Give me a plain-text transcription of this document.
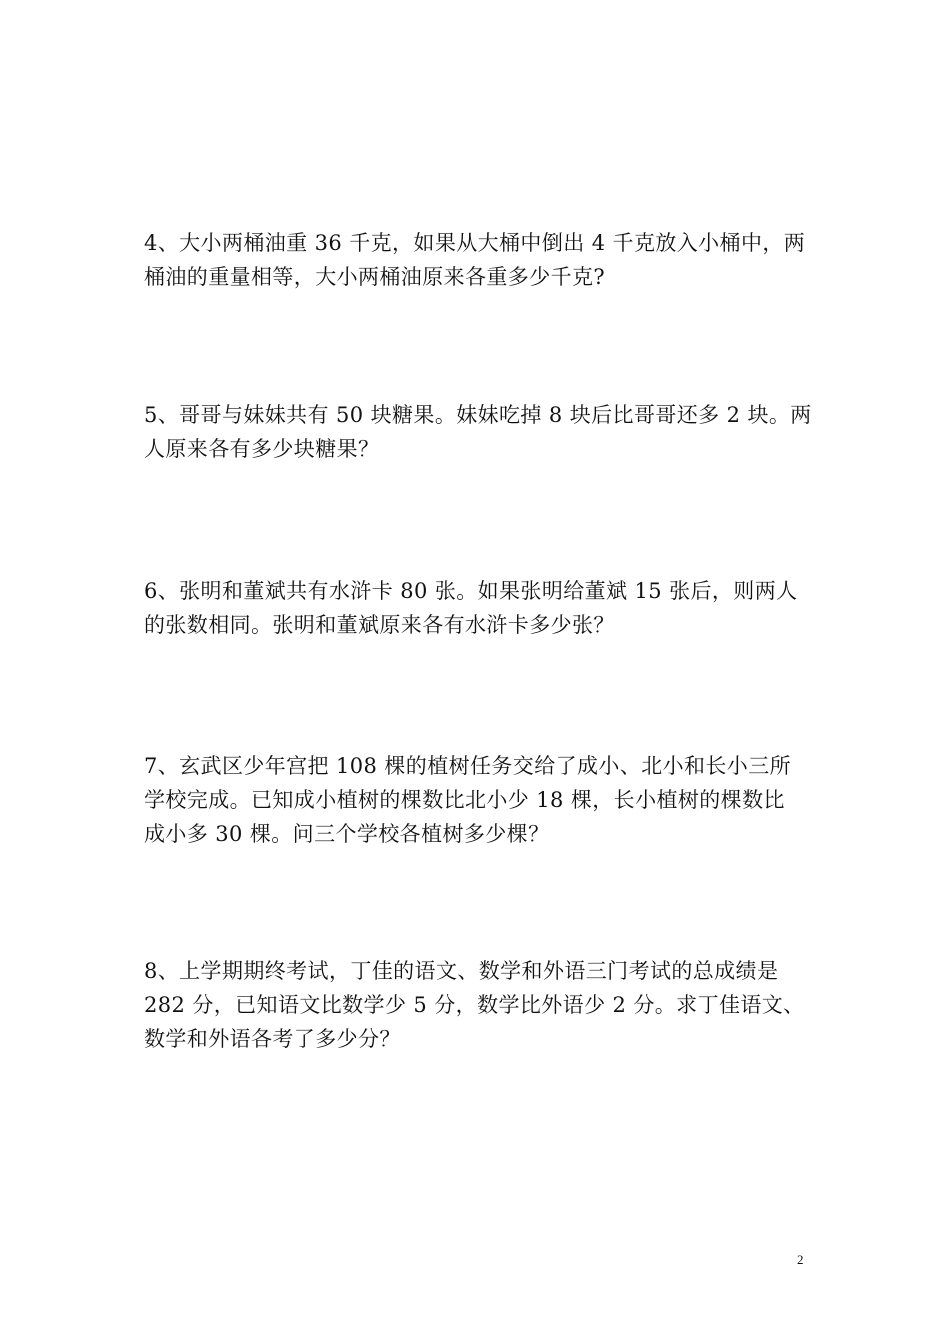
4、大小两桶油重 36 千克，如果从大桶中倒出 4 千克放入小桶中，两
桶油的重量相等，大小两桶油原来各重多少千克?
5、哥哥与妹妹共有 50 块糖果。妹妹吃掉 8 块后比哥哥还多 2 块。两
人原来各有多少块糖果？
6、张明和董斌共有水浒卡 80 张。如果张明给董斌 15 张后，则两人
的张数相同。张明和董斌原来各有水浒卡多少张？
7、玄武区少年宫把 108 棵的植树任务交给了成小、北小和长小三所
学校完成。已知成小植树的棵数比北小少 18 棵，长小植树的棵数比
成小多 30 棵。问三个学校各植树多少棵？
8、上学期期终考试，丁佳的语文、数学和外语三门考试的总成绩是
282 分，已知语文比数学少 5 分，数学比外语少 2 分。求丁佳语文、
数学和外语各考了多少分？
2
